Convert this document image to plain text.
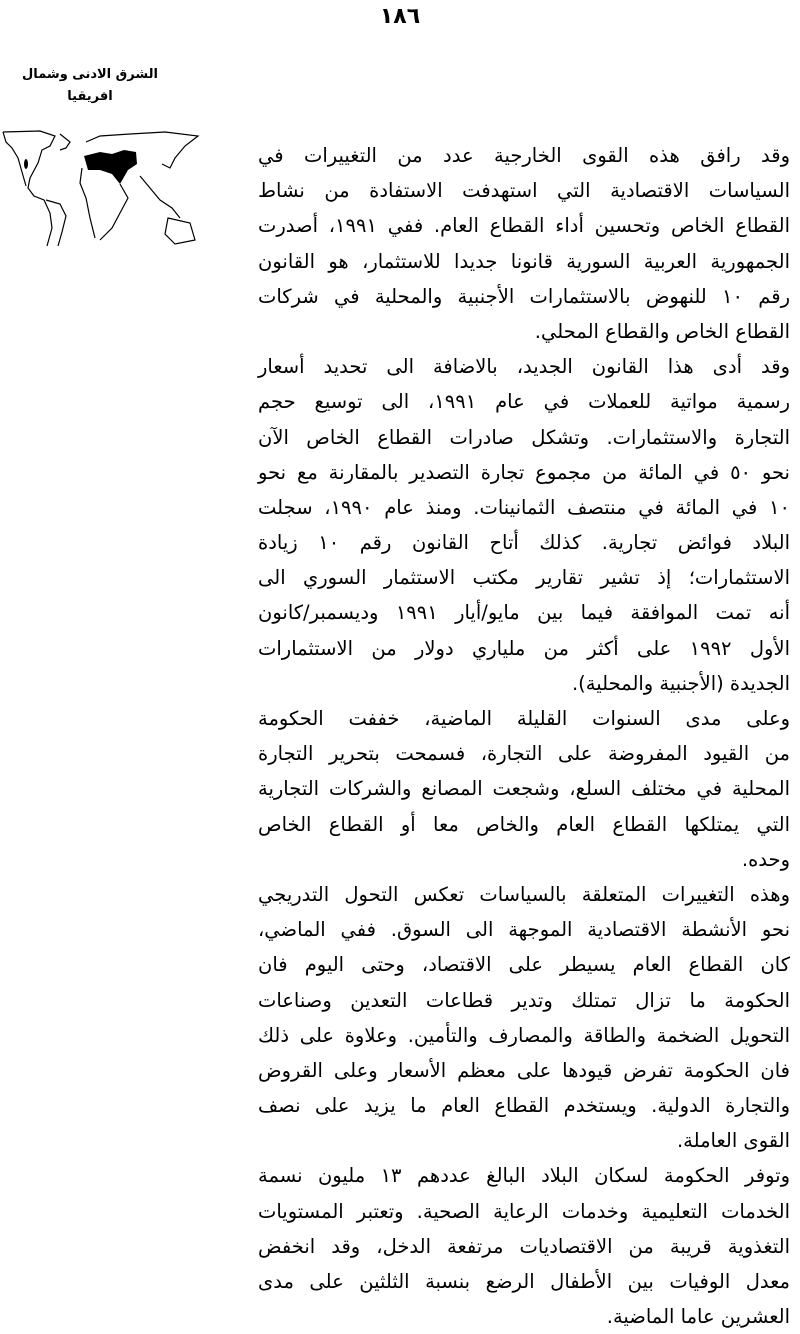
١٨٦
الشرق الادنى وشمال
افريقيا
وقد رافق هذه القوى الخارجية عدد من التغييرات في
السياسات الاقتصادية التي استهدفت الاستفادة من نشاط
القطاع الخاص وتحسين أداء القطاع العام. ففي ١٩٩١، أصدرت
الجمهورية العربية السورية قانونا جديدا للاستثمار، هو القانون
رقم ١٠ للنهوض بالاستثمارات الأجنبية والمحلية في شركات
القطاع الخاص والقطاع المحلي.
وقد أدى هذا القانون الجديد، بالاضافة الى تحديد أسعار
رسمية مواتية للعملات في عام ١٩٩١، الى توسيع حجم
التجارة والاستثمارات. وتشكل صادرات القطاع الخاص الآن
نحو ٥٠ في المائة من مجموع تجارة التصدير بالمقارنة مع نحو
١٠ في المائة في منتصف الثمانينات. ومنذ عام ١٩٩٠، سجلت
البلاد فوائض تجارية. كذلك أتاح القانون رقم ١٠ زيادة
الاستثمارات؛ إذ تشير تقارير مكتب الاستثمار السوري الى
أنه تمت الموافقة فيما بين مايو/أيار ١٩٩١ وديسمبر/كانون
الأول ١٩٩٢ على أكثر من ملياري دولار من الاستثمارات
الجديدة (الأجنبية والمحلية).
وعلى مدى السنوات القليلة الماضية، خففت الحكومة
من القيود المفروضة على التجارة، فسمحت بتحرير التجارة
المحلية في مختلف السلع، وشجعت المصانع والشركات التجارية
التي يمتلكها القطاع العام والخاص معا أو القطاع الخاص
وحده.
وهذه التغييرات المتعلقة بالسياسات تعكس التحول التدريجي
نحو الأنشطة الاقتصادية الموجهة الى السوق. ففي الماضي،
كان القطاع العام يسيطر على الاقتصاد، وحتى اليوم فان
الحكومة ما تزال تمتلك وتدير قطاعات التعدين وصناعات
التحويل الضخمة والطاقة والمصارف والتأمين. وعلاوة على ذلك
فان الحكومة تفرض قيودها على معظم الأسعار وعلى القروض
والتجارة الدولية. ويستخدم القطاع العام ما يزيد على نصف
القوى العاملة.
وتوفر الحكومة لسكان البلاد البالغ عددهم ١٣ مليون نسمة
الخدمات التعليمية وخدمات الرعاية الصحية. وتعتبر المستويات
التغذوية قريبة من الاقتصاديات مرتفعة الدخل، وقد انخفض
معدل الوفيات بين الأطفال الرضع بنسبة الثلثين على مدى
العشرين عاما الماضية.
